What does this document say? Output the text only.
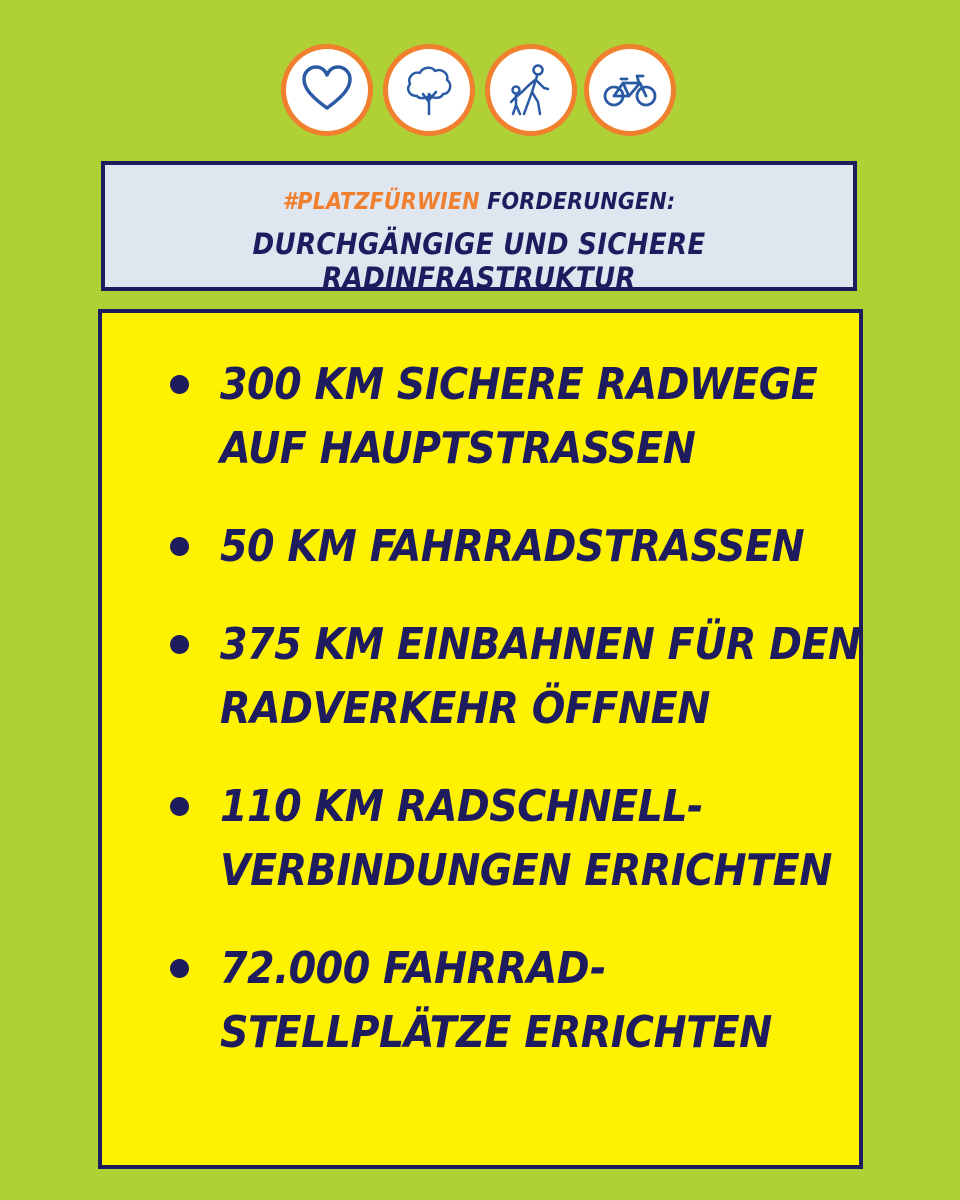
#PLATZFÜRWIEN FORDERUNGEN:
DURCHGÄNGIGE UND SICHERE RADINFRASTRUKTUR
300 KM SICHERE RADWEGE
AUF HAUPTSTRASSEN
50 KM FAHRRADSTRASSEN
375 KM EINBAHNEN FÜR DEN
RADVERKEHR ÖFFNEN
110 KM RADSCHNELL-
VERBINDUNGEN ERRICHTEN
72.000 FAHRRAD-
STELLPLÄTZE ERRICHTEN
